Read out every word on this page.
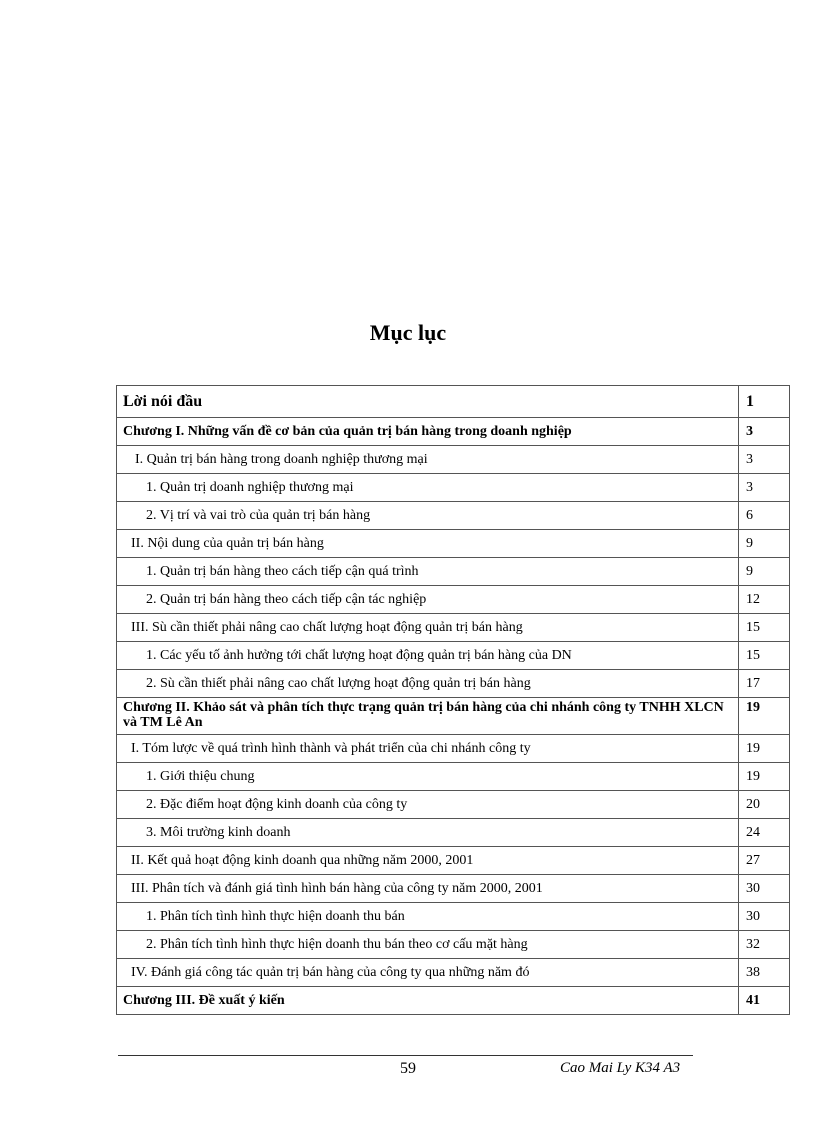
Mục lục
Lời nói đầu	1
Chương I. Những vấn đề cơ bản của quản trị bán hàng trong doanh nghiệp	3
I. Quản trị bán hàng trong doanh nghiệp thương mại	3
1. Quản trị doanh nghiệp thương mại	3
2. Vị trí và vai trò của quản trị bán hàng	6
II. Nội dung của quản trị bán hàng	9
1. Quản trị bán hàng theo cách tiếp cận quá trình	9
2. Quản trị bán hàng theo cách tiếp cận tác nghiệp	12
III. Sù cần thiết phải nâng cao chất lượng hoạt động quản trị bán hàng	15
1. Các yếu tố ảnh hưởng tới chất lượng hoạt động quản trị bán hàng của DN	15
2. Sù cần thiết phải nâng cao chất lượng hoạt động quản trị bán hàng	17
Chương II. Khảo sát và phân tích thực trạng quản trị bán hàng của chi nhánh công ty TNHH XLCN và TM Lê An	19
I. Tóm lược về quá trình hình thành và phát triển của chi nhánh công ty	19
1. Giới thiệu chung	19
2. Đặc điểm hoạt động kinh doanh của công ty	20
3. Môi trường kinh doanh	24
II. Kết quả hoạt động kinh doanh qua những năm 2000, 2001	27
III. Phân tích và đánh giá tình hình bán hàng của công ty năm 2000, 2001	30
1. Phân tích tình hình thực hiện doanh thu bán	30
2. Phân tích tình hình thực hiện doanh thu bán theo cơ cấu mặt hàng	32
IV. Đánh giá công tác quản trị bán hàng của công ty qua những năm đó	38
Chương III. Đề xuất ý kiến	41
59	Cao Mai Ly K34 A3
